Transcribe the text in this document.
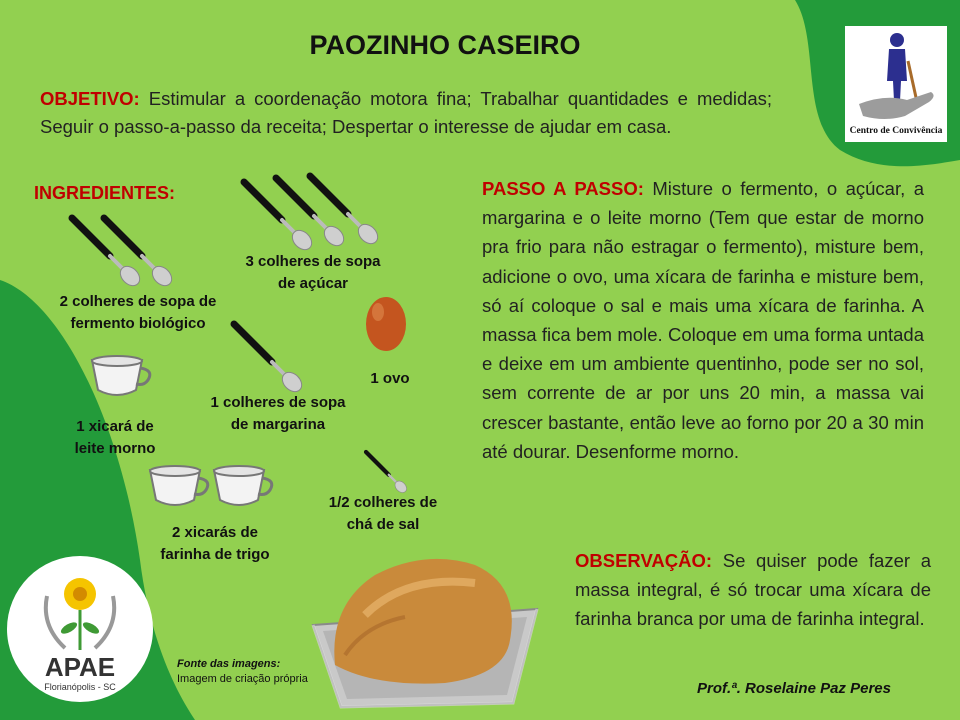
PAOZINHO CASEIRO
OBJETIVO: Estimular a coordenação motora fina; Trabalhar quantidades e medidas; Seguir o passo-a-passo da receita; Despertar o interesse de ajudar em casa.
INGREDIENTES:
2 colheres de sopa de
fermento biológico
3 colheres de sopa
de açúcar
1 ovo
1 xicará de
leite morno
1 colheres de sopa
de margarina
1/2 colheres de
chá de sal
2 xicarás de
farinha de trigo
PASSO A PASSO: Misture o fermento, o açúcar, a margarina e o leite morno (Tem que estar de morno pra frio para não estragar o fermento), misture bem, adicione o ovo, uma xícara de farinha e misture bem, só aí coloque o sal e mais uma xícara de farinha. A massa fica bem mole. Coloque em uma forma untada e deixe em um ambiente quentinho, pode ser no sol, sem corrente de ar por uns 20 min, a massa vai crescer bastante, então leve ao forno por 20 a 30 min até dourar. Desenforme morno.
OBSERVAÇÃO: Se quiser pode fazer a massa integral, é só trocar uma xícara de farinha branca por uma de farinha integral.
Centro de Convivência
APAE
Florianópolis - SC
Fonte das imagens:
Imagem de criação própria
Prof.ª. Roselaine Paz Peres
